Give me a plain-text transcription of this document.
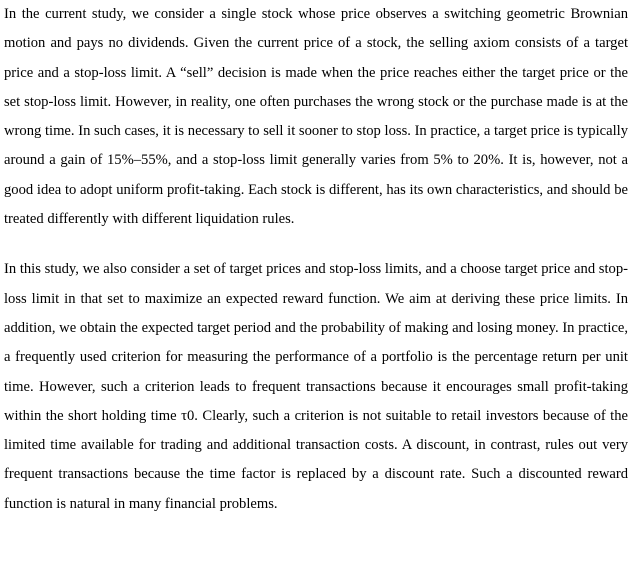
In the current study, we consider a single stock whose price observes a switching geometric Brownian motion and pays no dividends. Given the current price of a stock, the selling axiom consists of a target price and a stop-loss limit. A “sell” decision is made when the price reaches either the target price or the set stop-loss limit. However, in reality, one often purchases the wrong stock or the purchase made is at the wrong time. In such cases, it is necessary to sell it sooner to stop loss. In practice, a target price is typically around a gain of 15%–55%, and a stop-loss limit generally varies from 5% to 20%. It is, however, not a good idea to adopt uniform profit-taking. Each stock is different, has its own characteristics, and should be treated differently with different liquidation rules.

In this study, we also consider a set of target prices and stop-loss limits, and a choose target price and stop-loss limit in that set to maximize an expected reward function. We aim at deriving these price limits. In addition, we obtain the expected target period and the probability of making and losing money. In practice, a frequently used criterion for measuring the performance of a portfolio is the percentage return per unit time. However, such a criterion leads to frequent transactions because it encourages small profit-taking within the short holding time τ0. Clearly, such a criterion is not suitable to retail investors because of the limited time available for trading and additional transaction costs. A discount, in contrast, rules out very frequent transactions because the time factor is replaced by a discount rate. Such a discounted reward function is natural in many financial problems.
